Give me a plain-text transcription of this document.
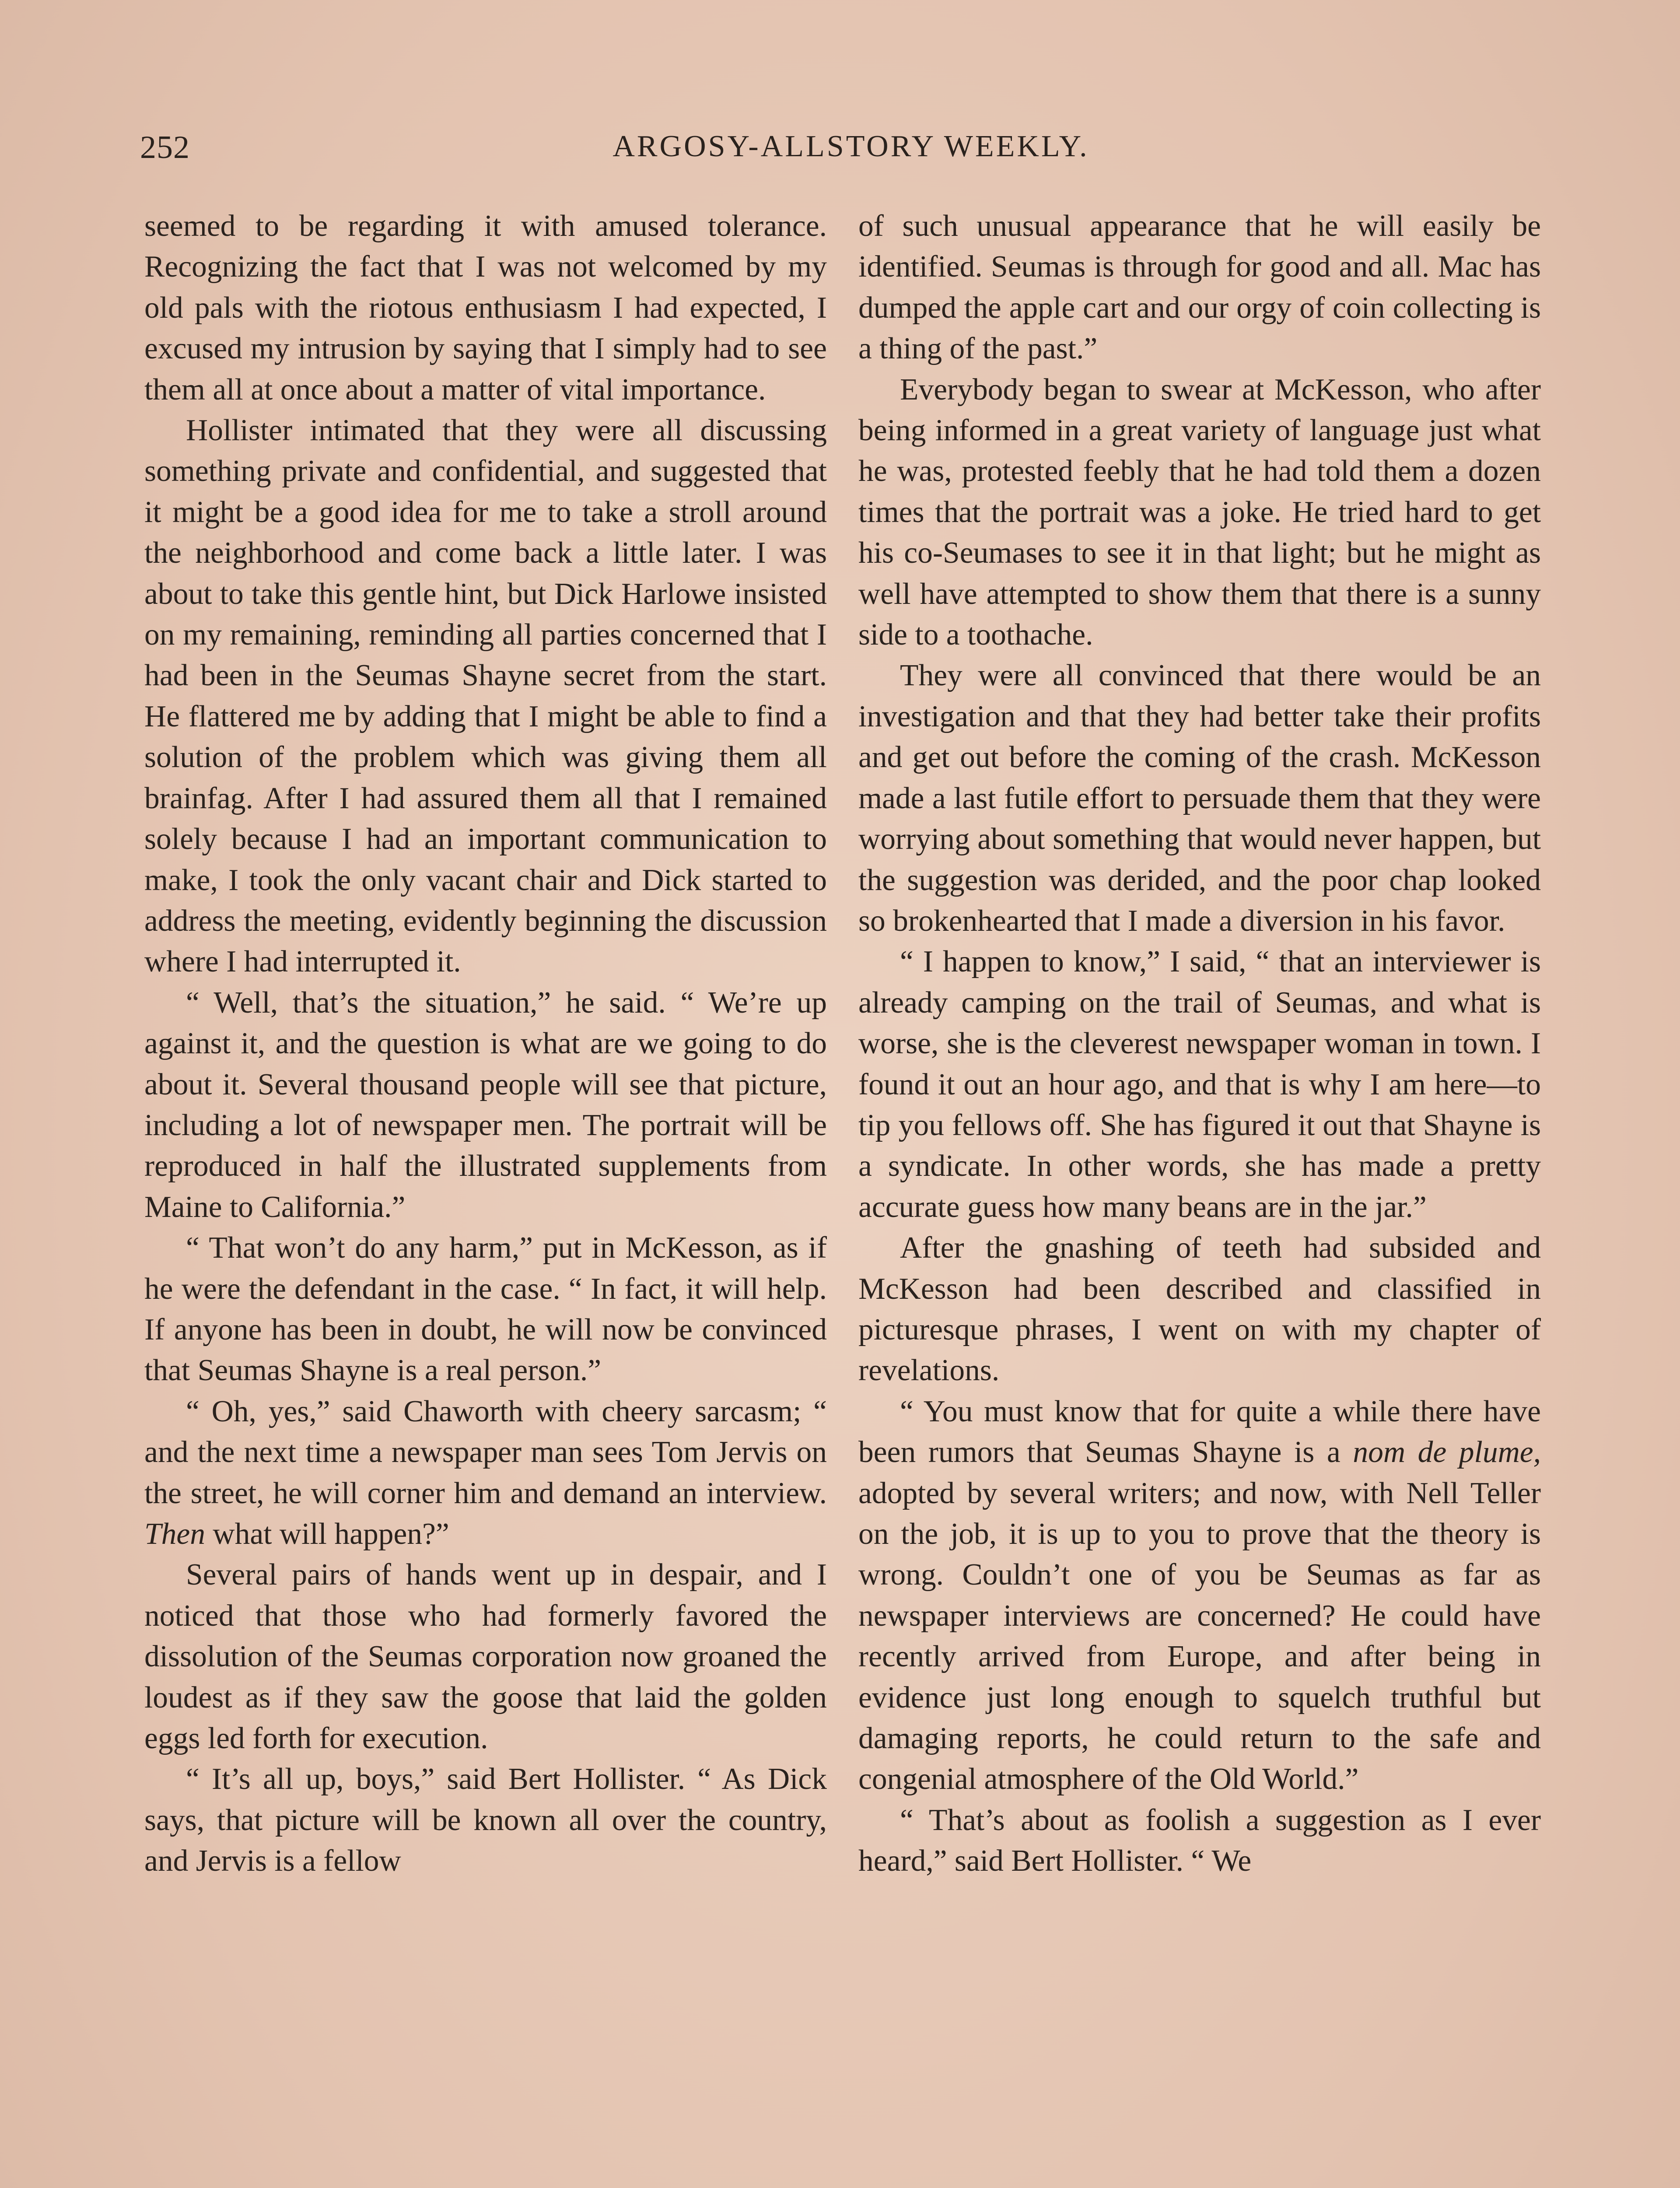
252	ARGOSY-ALLSTORY WEEKLY.

seemed to be regarding it with amused tolerance. Recognizing the fact that I was not welcomed by my old pals with the riotous enthusiasm I had expected, I excused my intrusion by saying that I simply had to see them all at once about a matter of vital importance.

Hollister intimated that they were all discussing something private and confidential, and suggested that it might be a good idea for me to take a stroll around the neighborhood and come back a little later. I was about to take this gentle hint, but Dick Harlowe insisted on my remaining, reminding all parties concerned that I had been in the Seumas Shayne secret from the start. He flattered me by adding that I might be able to find a solution of the problem which was giving them all brainfag. After I had assured them all that I remained solely because I had an important communication to make, I took the only vacant chair and Dick started to address the meeting, evidently beginning the discussion where I had interrupted it.

“ Well, that’s the situation,” he said. “ We’re up against it, and the question is what are we going to do about it. Several thousand people will see that picture, including a lot of newspaper men. The portrait will be reproduced in half the illustrated supplements from Maine to California.”

“ That won’t do any harm,” put in McKesson, as if he were the defendant in the case. “ In fact, it will help. If anyone has been in doubt, he will now be convinced that Seumas Shayne is a real person.”

“ Oh, yes,” said Chaworth with cheery sarcasm; “ and the next time a newspaper man sees Tom Jervis on the street, he will corner him and demand an interview. Then what will happen?”

Several pairs of hands went up in despair, and I noticed that those who had formerly favored the dissolution of the Seumas corporation now groaned the loudest as if they saw the goose that laid the golden eggs led forth for execution.

“ It’s all up, boys,” said Bert Hollister. “ As Dick says, that picture will be known all over the country, and Jervis is a fellow

of such unusual appearance that he will easily be identified. Seumas is through for good and all. Mac has dumped the apple cart and our orgy of coin collecting is a thing of the past.”

Everybody began to swear at McKesson, who after being informed in a great variety of language just what he was, protested feebly that he had told them a dozen times that the portrait was a joke. He tried hard to get his co-Seumases to see it in that light; but he might as well have attempted to show them that there is a sunny side to a toothache.

They were all convinced that there would be an investigation and that they had better take their profits and get out before the coming of the crash. McKesson made a last futile effort to persuade them that they were worrying about something that would never happen, but the suggestion was derided, and the poor chap looked so brokenhearted that I made a diversion in his favor.

“ I happen to know,” I said, “ that an interviewer is already camping on the trail of Seumas, and what is worse, she is the cleverest newspaper woman in town. I found it out an hour ago, and that is why I am here—to tip you fellows off. She has figured it out that Shayne is a syndicate. In other words, she has made a pretty accurate guess how many beans are in the jar.”

After the gnashing of teeth had subsided and McKesson had been described and classified in picturesque phrases, I went on with my chapter of revelations.

“ You must know that for quite a while there have been rumors that Seumas Shayne is a nom de plume, adopted by several writers; and now, with Nell Teller on the job, it is up to you to prove that the theory is wrong. Couldn’t one of you be Seumas as far as newspaper interviews are concerned? He could have recently arrived from Europe, and after being in evidence just long enough to squelch truthful but damaging reports, he could return to the safe and congenial atmosphere of the Old World.”

“ That’s about as foolish a suggestion as I ever heard,” said Bert Hollister. “ We
